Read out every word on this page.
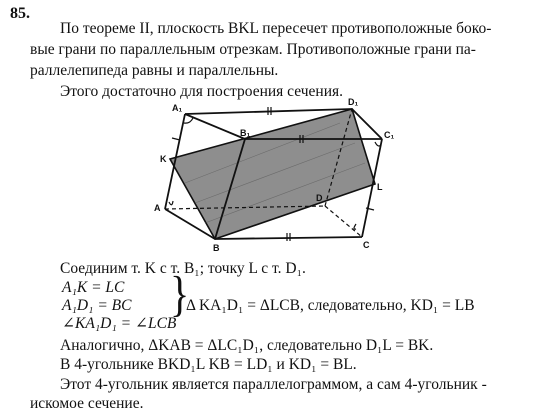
85.
По теореме II, плоскость BKL пересечет противоположные боко-
вые грани по параллельным отрезкам. Противоположные грани па-
раллелепипеда равны и параллельны.
Этого достаточно для построения сечения.
A₁
D₁
B₁	C₁
K
L
D
A
B	C
Соединим т. K с т. B₁; точку L с т. D₁.
A₁K = LC
A₁D₁ = BC
∠KA₁D₁ = ∠LCB
}
Δ KA₁D₁ = ΔLCB, следовательно, KD₁ = LB
Аналогично, ΔKAB = ΔLC₁D₁, следовательно D₁L = BK.
В 4-угольнике BKD₁L KB = LD₁ и KD₁ = BL.
Этот 4-угольник является параллелограммом, а сам 4-угольник -
искомое сечение.
